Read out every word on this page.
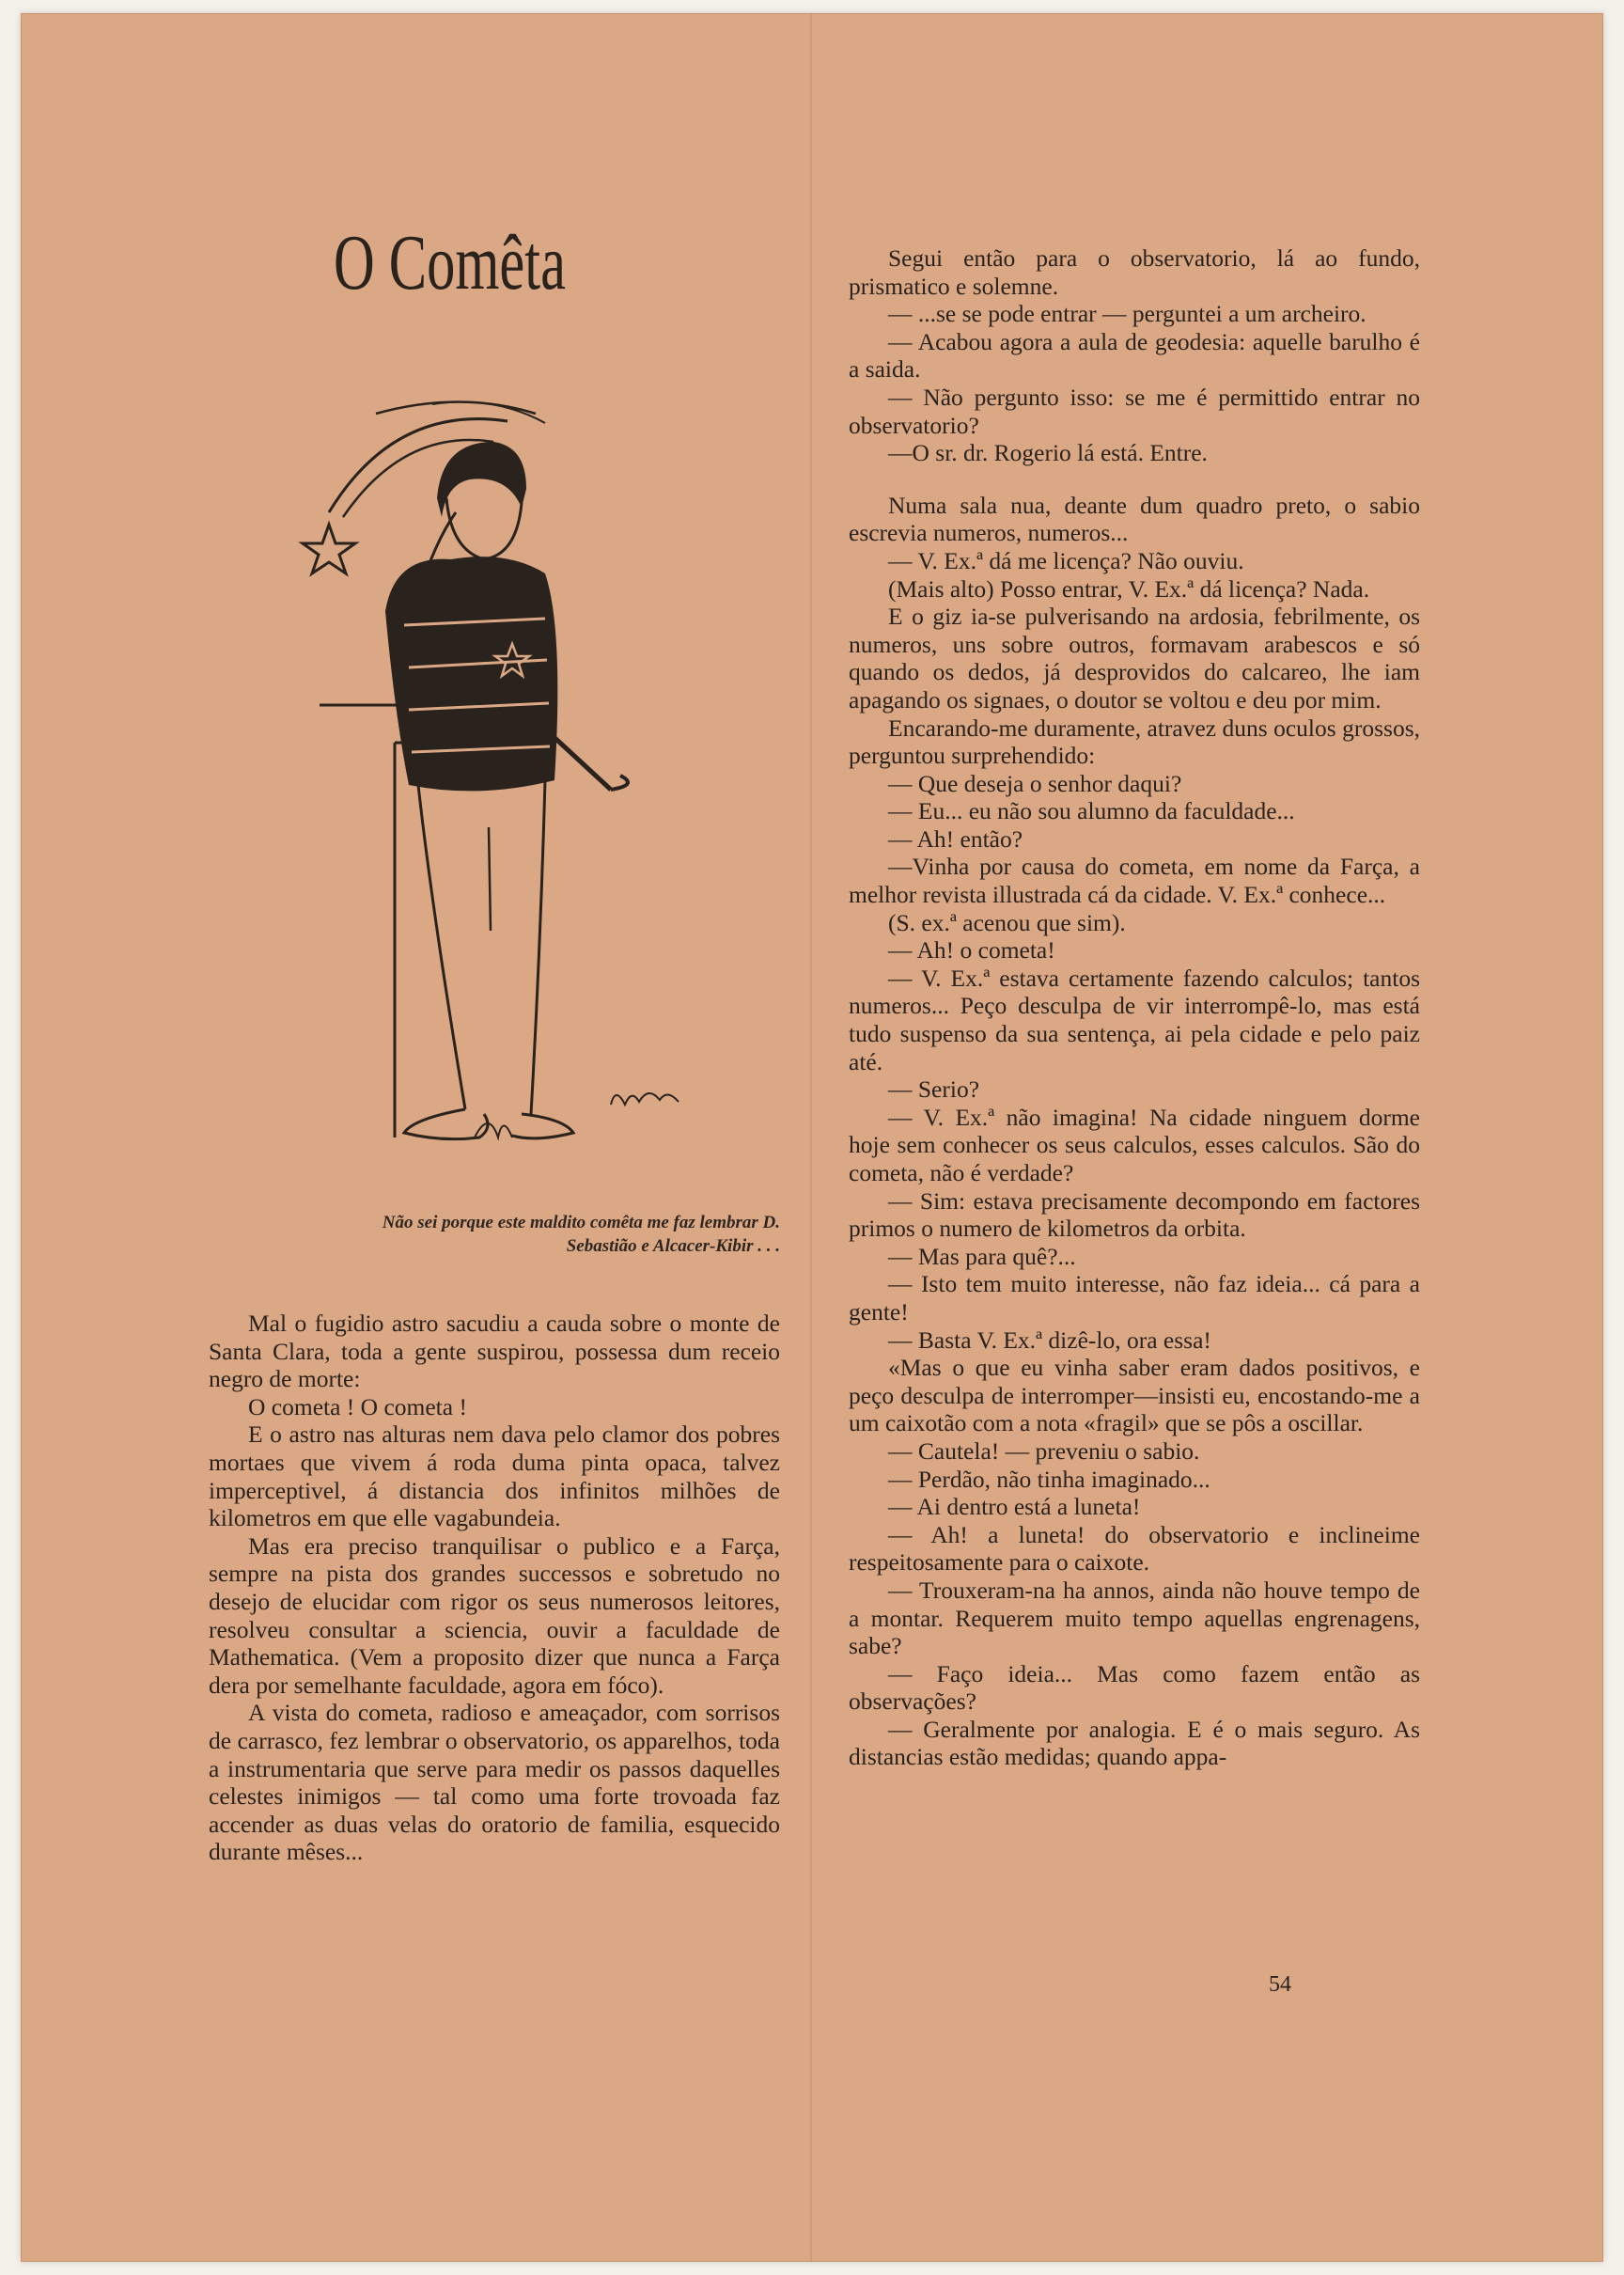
O Comêta
Não sei porque este maldito comêta me faz lembrar D. Sebastião e Alcacer-Kibir . . .

Mal o fugidio astro sacudiu a cauda sobre o monte de Santa Clara, toda a gente suspirou, possessa dum receio negro de morte:

O cometa ! O cometa !

E o astro nas alturas nem dava pelo clamor dos pobres mortaes que vivem á roda duma pinta opaca, talvez imperceptivel, á distancia dos infinitos milhões de kilometros em que elle vagabundeia.

Mas era preciso tranquilisar o publico e a Farça, sempre na pista dos grandes successos e sobretudo no desejo de elucidar com rigor os seus numerosos leitores, resolveu consultar a sciencia, ouvir a faculdade de Mathematica. (Vem a proposito dizer que nunca a Farça dera por semelhante faculdade, agora em fóco).

A vista do cometa, radioso e ameaçador, com sorrisos de carrasco, fez lembrar o observatorio, os apparelhos, toda a instrumentaria que serve para medir os passos daquelles celestes inimigos — tal como uma forte trovoada faz accender as duas velas do oratorio de familia, esquecido durante mêses...

Segui então para o observatorio, lá ao fundo, prismatico e solemne.

— ...se se pode entrar — perguntei a um archeiro.

— Acabou agora a aula de geodesia: aquelle barulho é a saida.

— Não pergunto isso: se me é permittido entrar no observatorio?

—O sr. dr. Rogerio lá está. Entre.

Numa sala nua, deante dum quadro preto, o sabio escrevia numeros, numeros...

— V. Ex.ª dá me licença? Não ouviu.

(Mais alto) Posso entrar, V. Ex.ª dá licença? Nada.

E o giz ia-se pulverisando na ardosia, febrilmente, os numeros, uns sobre outros, formavam arabescos e só quando os dedos, já desprovidos do calcareo, lhe iam apagando os signaes, o doutor se voltou e deu por mim.

Encarando-me duramente, atravez duns oculos grossos, perguntou surprehendido:

— Que deseja o senhor daqui?

— Eu... eu não sou alumno da faculdade...

— Ah! então?

—Vinha por causa do cometa, em nome da Farça, a melhor revista illustrada cá da cidade. V. Ex.ª conhece...

(S. ex.ª acenou que sim).

— Ah! o cometa!

— V. Ex.ª estava certamente fazendo calculos; tantos numeros... Peço desculpa de vir interrompê-lo, mas está tudo suspenso da sua sentença, ai pela cidade e pelo paiz até.

— Serio?

— V. Ex.ª não imagina! Na cidade ninguem dorme hoje sem conhecer os seus calculos, esses calculos. São do cometa, não é verdade?

— Sim: estava precisamente decompondo em factores primos o numero de kilometros da orbita.

— Mas para quê?...

— Isto tem muito interesse, não faz ideia... cá para a gente!

— Basta V. Ex.ª dizê-lo, ora essa!

«Mas o que eu vinha saber eram dados positivos, e peço desculpa de interromper—insisti eu, encostando-me a um caixotão com a nota «fragil» que se pôs a oscillar.

— Cautela! — preveniu o sabio.

— Perdão, não tinha imaginado...

— Ai dentro está a luneta!

— Ah! a luneta! do observatorio e inclineime respeitosamente para o caixote.

— Trouxeram-na ha annos, ainda não houve tempo de a montar. Requerem muito tempo aquellas engrenagens, sabe?

— Faço ideia... Mas como fazem então as observações?

— Geralmente por analogia. E é o mais seguro. As distancias estão medidas; quando appa-

54
